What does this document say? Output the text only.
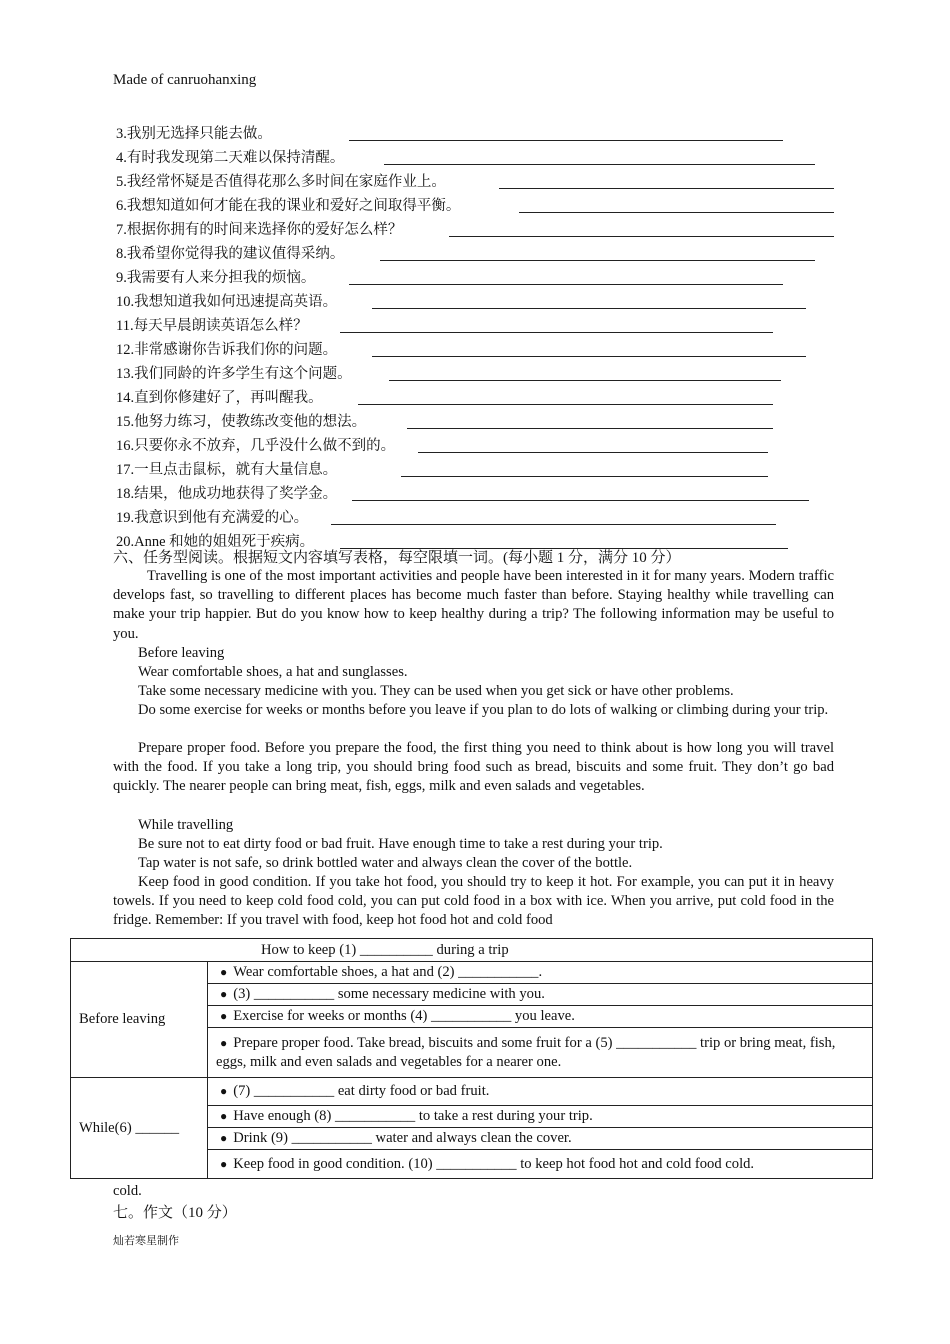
Made of canruohanxing
3.我别无选择只能去做。
4.有时我发现第二天难以保持清醒。
5.我经常怀疑是否值得花那么多时间在家庭作业上。
6.我想知道如何才能在我的课业和爱好之间取得平衡。
7.根据你拥有的时间来选择你的爱好怎么样？
8.我希望你觉得我的建议值得采纳。
9.我需要有人来分担我的烦恼。
10.我想知道我如何迅速提高英语。
11.每天早晨朗读英语怎么样？
12.非常感谢你告诉我们你的问题。
13.我们同龄的许多学生有这个问题。
14.直到你修建好了，再叫醒我。
15.他努力练习，使教练改变他的想法。
16.只要你永不放弃，几乎没什么做不到的。
17.一旦点击鼠标，就有大量信息。
18.结果，他成功地获得了奖学金。
19.我意识到他有充满爱的心。
20.Anne 和她的姐姐死于疾病。
六、任务型阅读。根据短文内容填写表格，每空限填一词。(每小题 1 分，满分 10 分）

Travelling is one of the most important activities and people have been interested in it for many years. Modern traffic develops fast, so travelling to different places has become much faster than before. Staying healthy while travelling can make your trip happier. But do you know how to keep healthy during a trip? The following information may be useful to you.

Before leaving

Wear comfortable shoes, a hat and sunglasses.

Take some necessary medicine with you. They can be used when you get sick or have other problems.

Do some exercise for weeks or months before you leave if you plan to do lots of walking or climbing during your trip.

Prepare proper food. Before you prepare the food, the first thing you need to think about is how long you will travel with the food. If you take a long trip, you should bring food such as bread, biscuits and some fruit. They don’t go bad quickly. The nearer people can bring meat, fish, eggs, milk and even salads and vegetables.

While travelling

Be sure not to eat dirty food or bad fruit. Have enough time to take a rest during your trip.

Tap water is not safe, so drink bottled water and always clean the cover of the bottle.

Keep food in good condition. If you take hot food, you should try to keep it hot. For example, you can put it in heavy towels. If you need to keep cold food cold, you can put cold food in a box with ice. When you arrive, put cold food in the fridge. Remember: If you travel with food, keep hot food hot and cold food

How to keep (1) __________ during a trip	
Before leaving	● Wear comfortable shoes, a hat and (2) ___________.
	● (3) ___________ some necessary medicine with you.
	● Exercise for weeks or months (4) ___________ you leave.
	● Prepare proper food. Take bread, biscuits and some fruit for a (5) ___________ trip or bring meat, fish, eggs, milk and even salads and vegetables for a nearer one.
While(6) ______	● (7) ___________ eat dirty food or bad fruit.
	● Have enough (8) ___________ to take a rest during your trip.
	● Drink (9) ___________ water and always clean the cover.
	● Keep food in good condition. (10) ___________ to keep hot food hot and cold food cold.
cold.
七。作文（10 分）
灿若寒星制作
